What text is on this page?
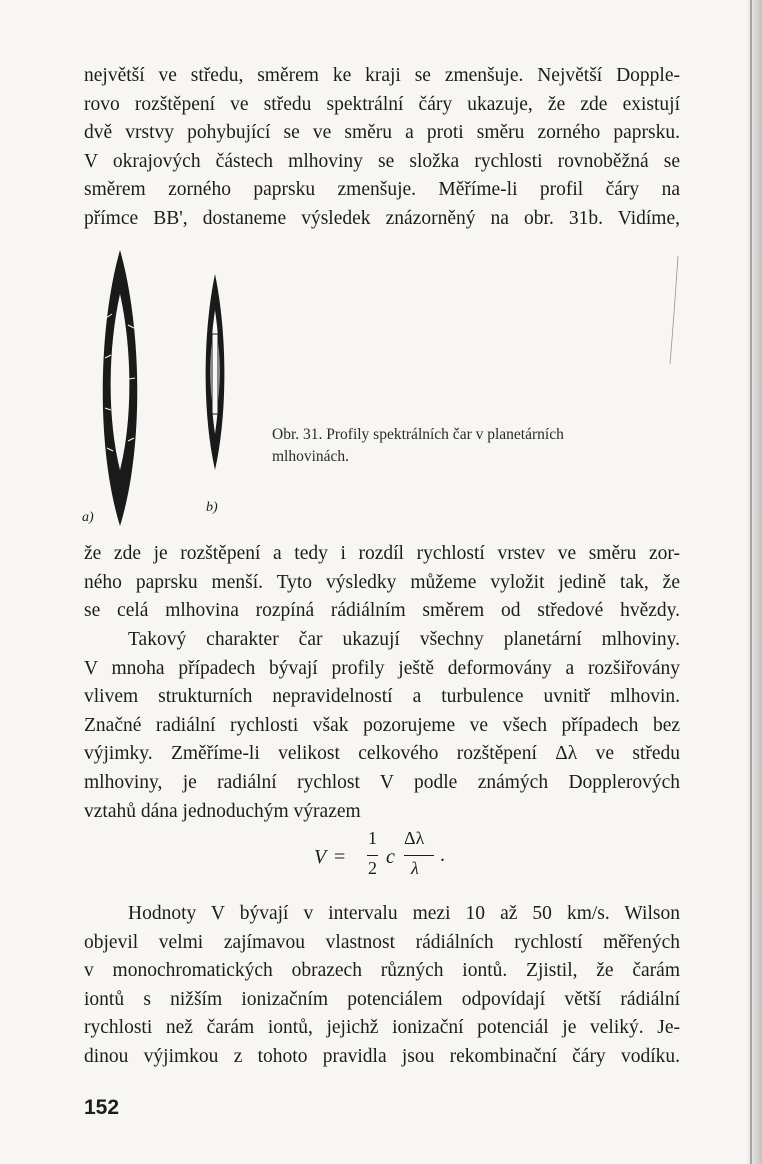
největší ve středu, směrem ke kraji se zmenšuje. Největší Dopple-
rovo rozštěpení ve středu spektrální čáry ukazuje, že zde existují
dvě vrstvy pohybující se ve směru a proti směru zorného paprsku.
V okrajových částech mlhoviny se složka rychlosti rovnoběžná se
směrem zorného paprsku zmenšuje. Měříme-li profil čáry na
přímce BB', dostaneme výsledek znázorněný na obr. 31b. Vidíme,
a)
b)
Obr. 31. Profily spektrálních čar v planetárních
mlhovinách.
že zde je rozštěpení a tedy i rozdíl rychlostí vrstev ve směru zor-
ného paprsku menší. Tyto výsledky můžeme vyložit jedině tak, že
se celá mlhovina rozpíná rádiálním směrem od středové hvězdy.
Takový charakter čar ukazují všechny planetární mlhoviny.
V mnoha případech bývají profily ještě deformovány a rozšiřovány
vlivem strukturních nepravidelností a turbulence uvnitř mlhovin.
Značné radiální rychlosti však pozorujeme ve všech případech bez
výjimky. Změříme-li velikost celkového rozštěpení Δλ ve středu
mlhoviny, je radiální rychlost V podle známých Dopplerových
vztahů dána jednoduchým výrazem
V =
1
2 c
Δλ
λ
.
Hodnoty V bývají v intervalu mezi 10 až 50 km/s. Wilson
objevil velmi zajímavou vlastnost rádiálních rychlostí měřených
v monochromatických obrazech různých iontů. Zjistil, že čarám
iontů s nižším ionizačním potenciálem odpovídají větší rádiální
rychlosti než čarám iontů, jejichž ionizační potenciál je veliký. Je-
dinou výjimkou z tohoto pravidla jsou rekombinační čáry vodíku.
152
